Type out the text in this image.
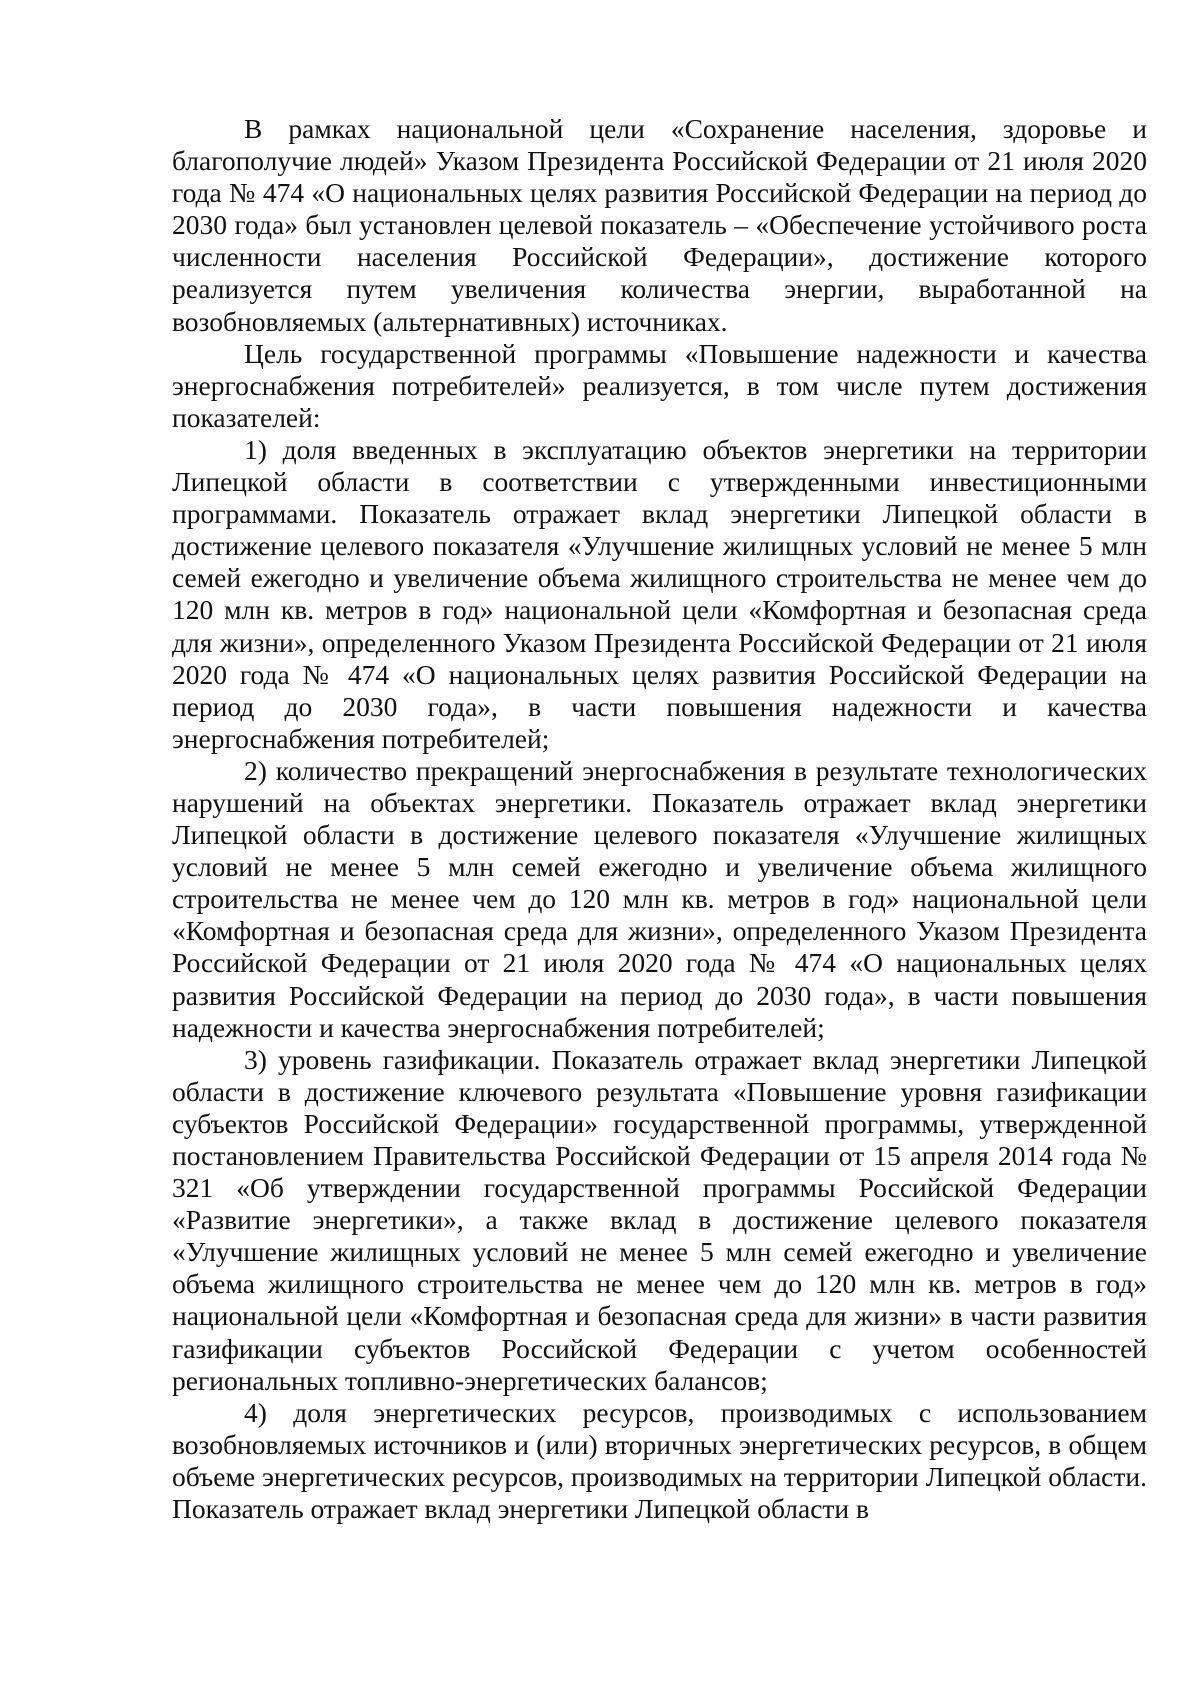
В рамках национальной цели «Сохранение населения, здоровье и благополучие людей» Указом Президента Российской Федерации от 21 июля 2020 года № 474 «О национальных целях развития Российской Федерации на период до 2030 года» был установлен целевой показатель – «Обеспечение устойчивого роста численности населения Российской Федерации», достижение которого реализуется путем увеличения количества энергии, выработанной на возобновляемых (альтернативных) источниках.

Цель государственной программы «Повышение надежности и качества энергоснабжения потребителей» реализуется, в том числе путем достижения показателей:

1) доля введенных в эксплуатацию объектов энергетики на территории Липецкой области в соответствии с утвержденными инвестиционными программами. Показатель отражает вклад энергетики Липецкой области в достижение целевого показателя «Улучшение жилищных условий не менее 5 млн семей ежегодно и увеличение объема жилищного строительства не менее чем до 120 млн кв. метров в год» национальной цели «Комфортная и безопасная среда для жизни», определенного Указом Президента Российской Федерации от 21 июля 2020 года № 474 «О национальных целях развития Российской Федерации на период до 2030 года», в части повышения надежности и качества энергоснабжения потребителей;

2) количество прекращений энергоснабжения в результате технологических нарушений на объектах энергетики. Показатель отражает вклад энергетики Липецкой области в достижение целевого показателя «Улучшение жилищных условий не менее 5 млн семей ежегодно и увеличение объема жилищного строительства не менее чем до 120 млн кв. метров в год» национальной цели «Комфортная и безопасная среда для жизни», определенного Указом Президента Российской Федерации от 21 июля 2020 года № 474 «О национальных целях развития Российской Федерации на период до 2030 года», в части повышения надежности и качества энергоснабжения потребителей;

3) уровень газификации. Показатель отражает вклад энергетики Липецкой области в достижение ключевого результата «Повышение уровня газификации субъектов Российской Федерации» государственной программы, утвержденной постановлением Правительства Российской Федерации от 15 апреля 2014 года № 321 «Об утверждении государственной программы Российской Федерации «Развитие энергетики», а также вклад в достижение целевого показателя «Улучшение жилищных условий не менее 5 млн семей ежегодно и увеличение объема жилищного строительства не менее чем до 120 млн кв. метров в год» национальной цели «Комфортная и безопасная среда для жизни» в части развития газификации субъектов Российской Федерации с учетом особенностей региональных топливно-энергетических балансов;

4) доля энергетических ресурсов, производимых с использованием возобновляемых источников и (или) вторичных энергетических ресурсов, в общем объеме энергетических ресурсов, производимых на территории Липецкой области. Показатель отражает вклад энергетики Липецкой области в
